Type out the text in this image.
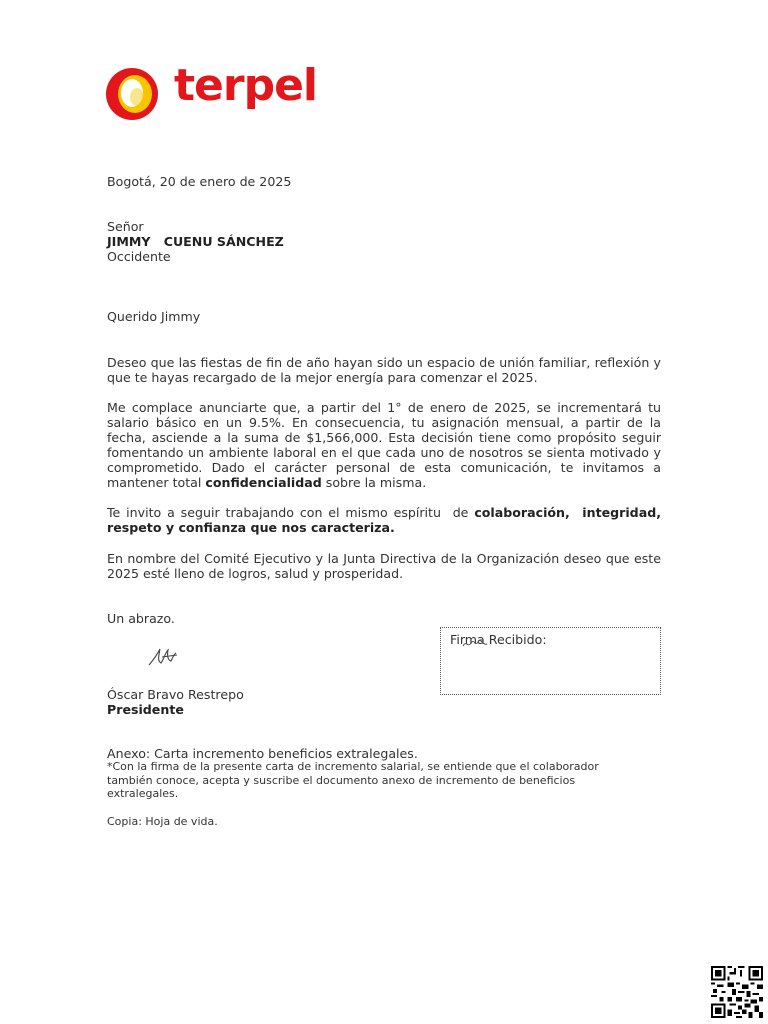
terpel

Bogotá, 20 de enero de 2025

Señor

JIMMY   CUENU SÁNCHEZ

Occidente

Querido Jimmy

Deseo que las fiestas de fin de año hayan sido un espacio de unión familiar, reflexión y que te hayas recargado de la mejor energía para comenzar el 2025.

Me complace anunciarte que, a partir del 1° de enero de 2025, se incrementará tu salario básico en un 9.5%. En consecuencia, tu asignación mensual, a partir de la fecha, asciende a la suma de $1,566,000. Esta decisión tiene como propósito seguir fomentando un ambiente laboral en el que cada uno de nosotros se sienta motivado y comprometido. Dado el carácter personal de esta comunicación, te invitamos a mantener total confidencialidad sobre la misma.

Te invito a seguir trabajando con el mismo espíritu  de colaboración,  integridad, respeto y confianza que nos caracteriza.

En nombre del Comité Ejecutivo y la Junta Directiva de la Organización deseo que este 2025 esté lleno de logros, salud y prosperidad.

Un abrazo.

Firma Recibido:

Óscar Bravo Restrepo

Presidente

Anexo: Carta incremento beneficios extralegales.

*Con la firma de la presente carta de incremento salarial, se entiende que el colaborador también conoce, acepta y suscribe el documento anexo de incremento de beneficios extralegales.

Copia: Hoja de vida.
